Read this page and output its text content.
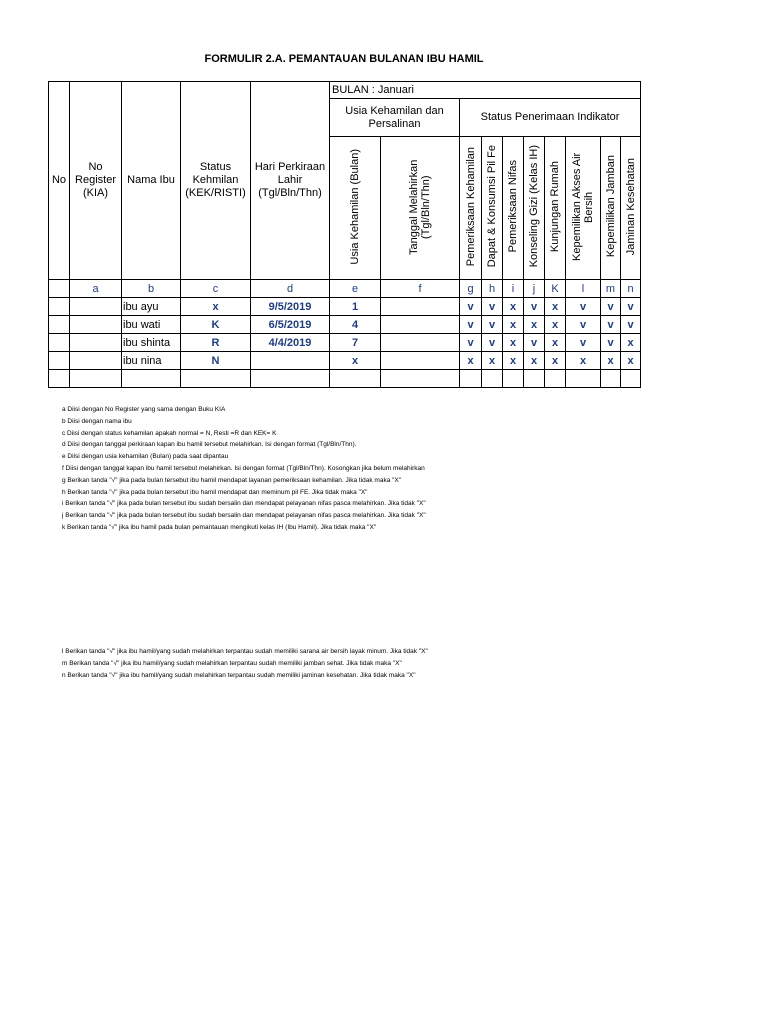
FORMULIR 2.A. PEMANTAUAN BULANAN IBU HAMIL
No	No Register (KIA)	Nama Ibu	Status Kehmilan (KEK/RISTI)	Hari Perkiraan Lahir (Tgl/Bln/Thn)	BULAN : Januari									
					Usia Kehamilan dan Persalinan		Status Penerimaan Indikator							
					Usia Kehamilan (Bulan)	Tanggal Melahirkan (Tgl/Bln/Thn)	Pemeriksaan Kehamilan	Dapat & Konsumsi Pil Fe	Pemeriksaan Nifas	Konseling Gizi (Kelas IH)	Kunjungan Rumah	Kepemilikan Akses Air Bersih	Kepemilikan Jamban	Jaminan Kesehatan
	a	b	c	d	e	f	g	h	i	j	K	l	m	n
		ibu ayu	x	9/5/2019	1		v	v	x	v	x	v	v	v
		ibu wati	K	6/5/2019	4		v	v	x	x	x	v	v	v
		ibu shinta	R	4/4/2019	7		v	v	x	v	x	v	v	x
		ibu nina	N		x		x	x	x	x	x	x	x	x

a Diisi dengan No Register yang sama dengan Buku KIA
b Diisi dengan nama ibu
c Diisi dengan status kehamilan apakah normal = N, Resti =R dan KEK= K
d Diisi dengan tanggal perkiraan kapan ibu hamil tersebut melahirkan. Isi dengan format (Tgl/Bln/Thn).
e Diisi dengan usia kehamilan (Bulan) pada saat dipantau
f Diisi dengan tanggal kapan ibu hamil tersebut melahirkan. Isi dengan format (Tgl/Bln/Thn). Kosongkan jika belum melahirkan
g Berikan tanda "√" jika pada bulan tersebut ibu hamil mendapat layanan pemeriksaan kehamilan. Jika tidak maka "X"
h Berikan tanda "√" jika pada bulan tersebut ibu hamil mendapat dan meminum pil FE. Jika tidak maka "X"
i Berikan tanda "√" jika pada bulan tersebut ibu sudah bersalin dan mendapat pelayanan nifas pasca melahirkan. Jika tidak "X"
j Berikan tanda "√" jika pada bulan tersebut ibu sudah bersalin dan mendapat pelayanan nifas pasca melahirkan. Jika tidak "X"
k Berikan tanda "√" jika ibu hamil pada bulan pemantauan mengikuti kelas IH (Ibu Hamil). Jika tidak maka "X"
l Berikan tanda "√" jika ibu hamil/yang sudah melahirkan terpantau sudah memiliki sarana air bersih layak minum. Jika tidak "X"
m Berikan tanda "√" jika ibu hamil/yang sudah melahirkan terpantau sudah memiliki jamban sehat. Jika tidak maka "X"
n Berikan tanda "√" jika ibu hamil/yang sudah melahirkan terpantau sudah memiliki jaminan kesehatan. Jika tidak maka "X"
